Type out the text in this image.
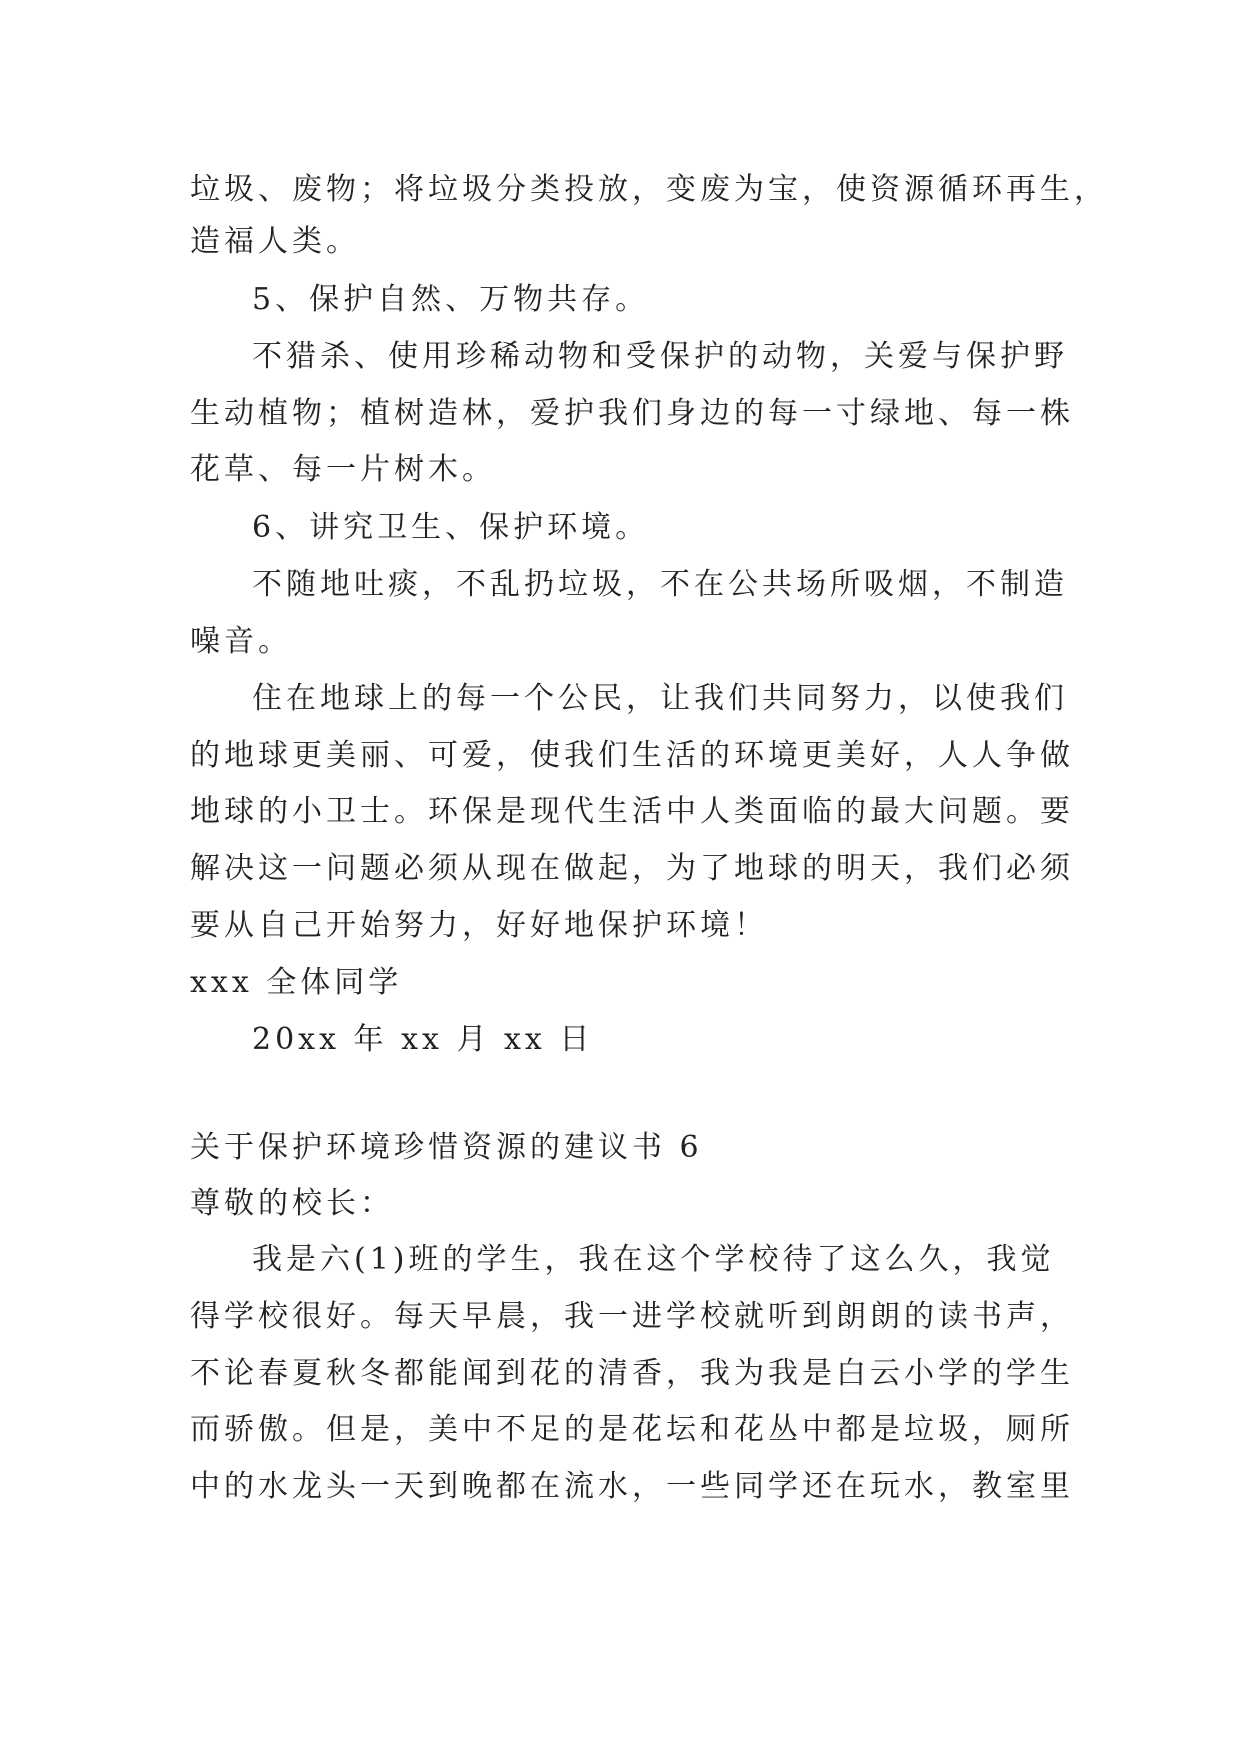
垃圾、废物；将垃圾分类投放，变废为宝，使资源循环再生，
造福人类。
5、保护自然、万物共存。
不猎杀、使用珍稀动物和受保护的动物，关爱与保护野
生动植物；植树造林，爱护我们身边的每一寸绿地、每一株
花草、每一片树木。
6、讲究卫生、保护环境。
不随地吐痰，不乱扔垃圾，不在公共场所吸烟，不制造
噪音。
住在地球上的每一个公民，让我们共同努力，以使我们
的地球更美丽、可爱，使我们生活的环境更美好，人人争做
地球的小卫士。环保是现代生活中人类面临的最大问题。要
解决这一问题必须从现在做起，为了地球的明天，我们必须
要从自己开始努力，好好地保护环境！
xxx 全体同学
20xx 年 xx 月 xx 日
关于保护环境珍惜资源的建议书 6
尊敬的校长：
我是六(1)班的学生，我在这个学校待了这么久，我觉
得学校很好。每天早晨，我一进学校就听到朗朗的读书声，
不论春夏秋冬都能闻到花的清香，我为我是白云小学的学生
而骄傲。但是，美中不足的是花坛和花丛中都是垃圾，厕所
中的水龙头一天到晚都在流水，一些同学还在玩水，教室里
